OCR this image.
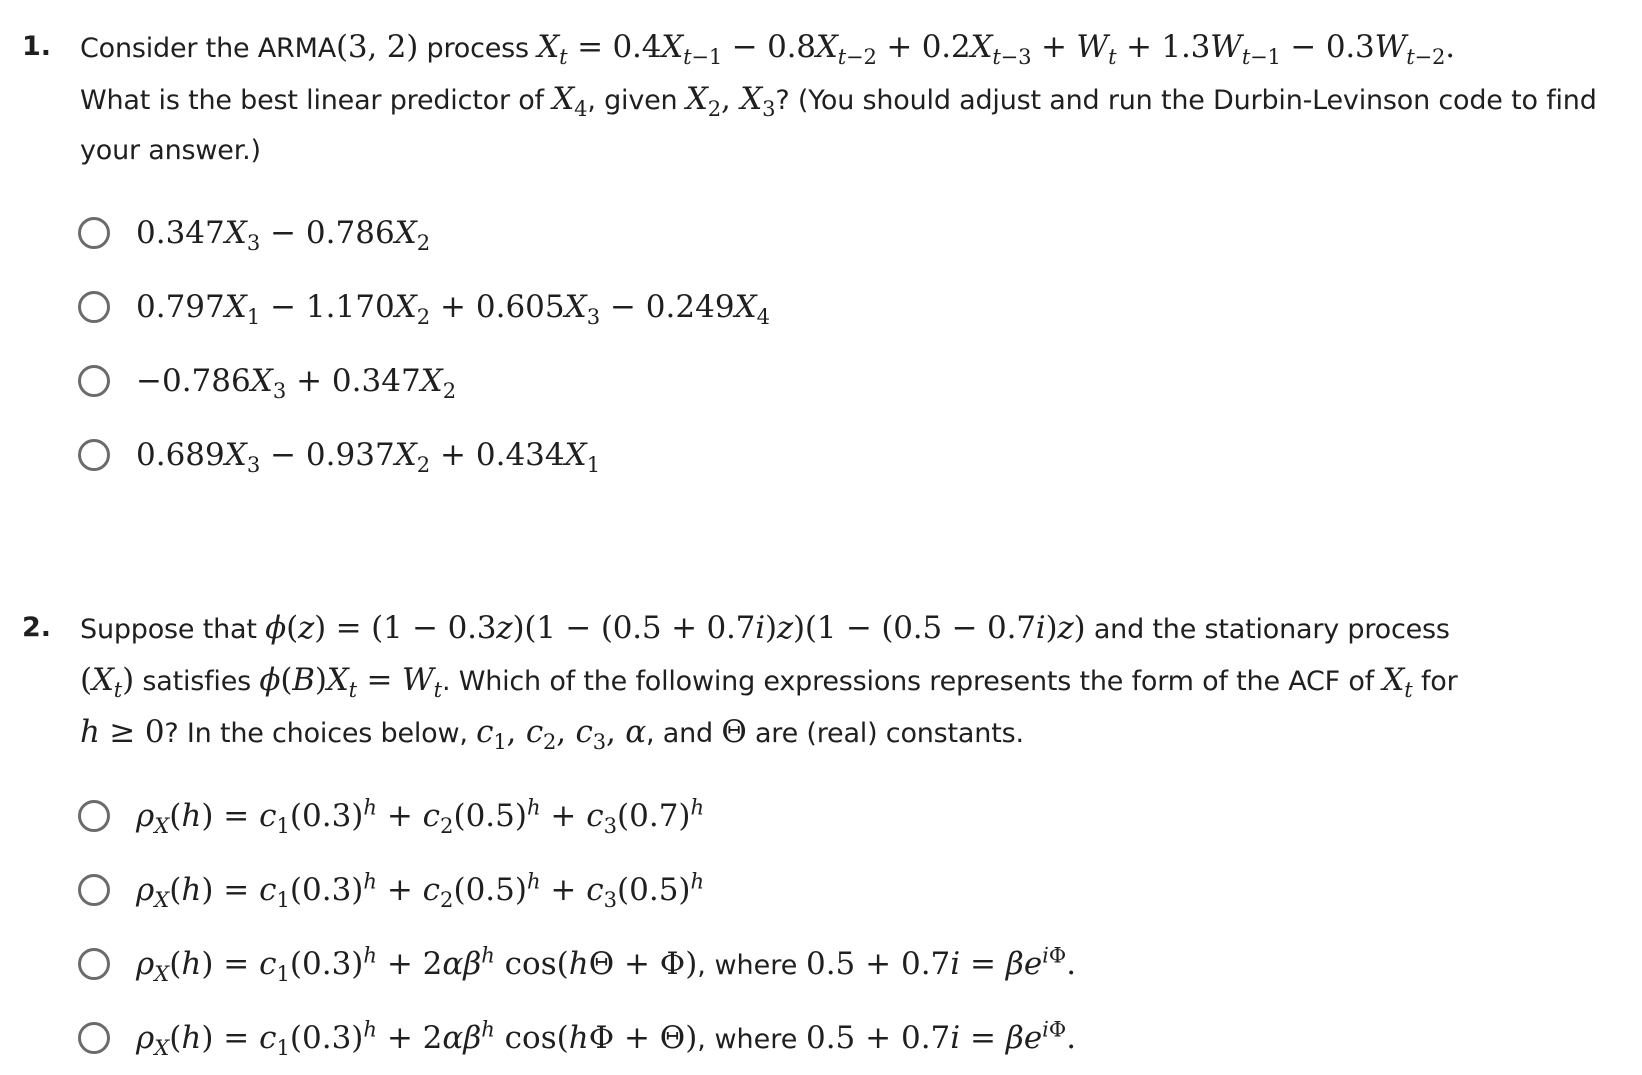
1.	Consider the ARMA(3, 2) process $X_t = 0.4X_{t-1} - 0.8X_{t-2} + 0.2X_{t-3} + W_t + 1.3W_{t-1} - 0.3W_{t-2}$.
What is the best linear predictor of $X_4$, given $X_2$, $X_3$? (You should adjust and run the Durbin-Levinson code to find your answer.)
$0.347X_3 - 0.786X_2$
$0.797X_1 - 1.170X_2 + 0.605X_3 - 0.249X_4$
$-0.786X_3 + 0.347X_2$
$0.689X_3 - 0.937X_2 + 0.434X_1$
2.	Suppose that ϕ(z) = (1 − 0.3z)(1 − (0.5 + 0.7i)z)(1 − (0.5 − 0.7i)z) and the stationary process
$(X_t)$ satisfies $\phi(B)X_t = W_t$. Which of the following expressions represents the form of the ACF of $X_t$ for
h ≥ 0? In the choices below, $c_1$, $c_2$, $c_3$, α, and Θ are (real) constants.
$\rho_X(h) = c_1(0.3)^h + c_2(0.5)^h + c_3(0.7)^h$
$\rho_X(h) = c_1(0.3)^h + c_2(0.5)^h + c_3(0.5)^h$
$\rho_X(h) = c_1(0.3)^h + 2\alpha\beta^h$ cos(hΘ + Φ), where $0.5 + 0.7i = \beta e^{i\Phi}$.
$\rho_X(h) = c_1(0.3)^h + 2\alpha\beta^h$ cos(hΦ + Θ), where $0.5 + 0.7i = \beta e^{i\Phi}$.
